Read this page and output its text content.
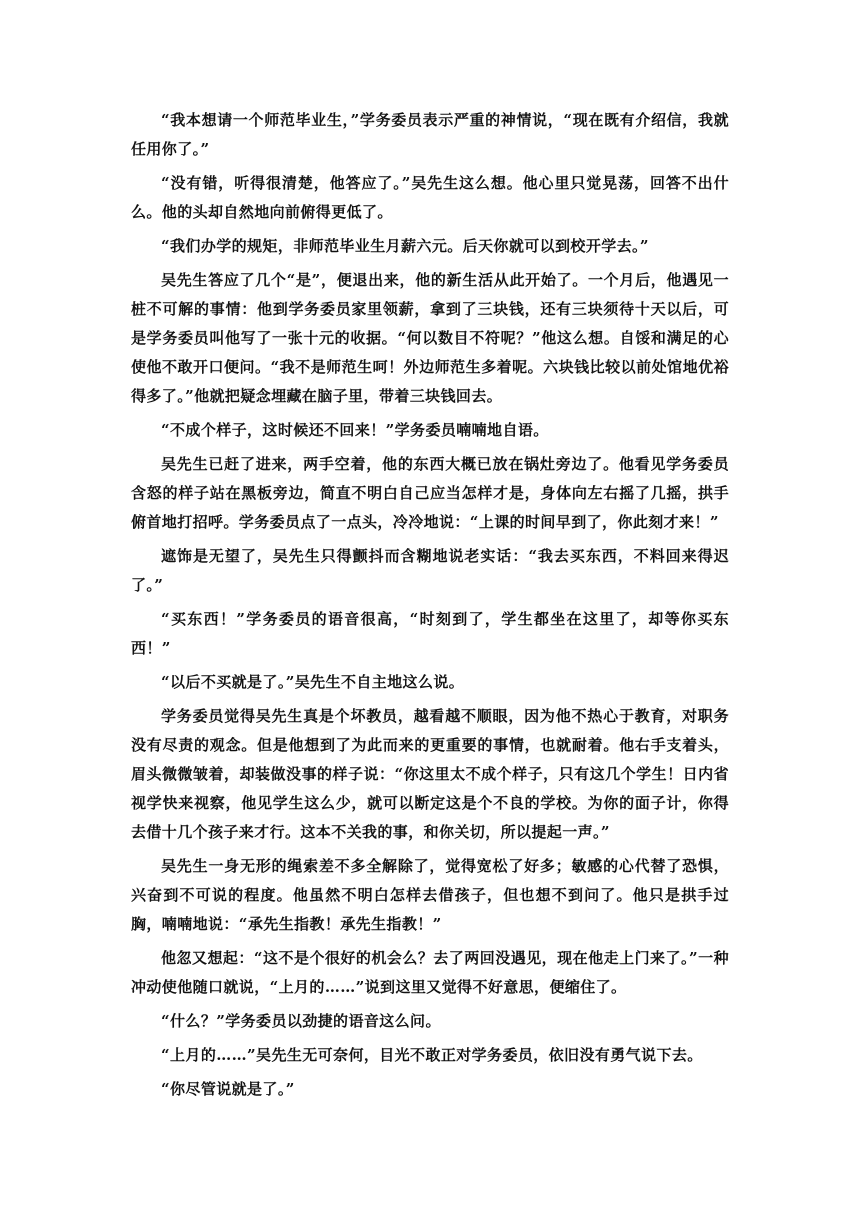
“我本想请一个师范毕业生，”学务委员表示严重的神情说，“现在既有介绍信，我就任用你了。”

“没有错，听得很清楚，他答应了。”吴先生这么想。他心里只觉晃荡，回答不出什么。他的头却自然地向前俯得更低了。

“我们办学的规矩，非师范毕业生月薪六元。后天你就可以到校开学去。”

吴先生答应了几个“是”，便退出来，他的新生活从此开始了。一个月后，他遇见一桩不可解的事情：他到学务委员家里领薪，拿到了三块钱，还有三块须待十天以后，可是学务委员叫他写了一张十元的收据。“何以数目不符呢？”他这么想。自馁和满足的心使他不敢开口便问。“我不是师范生呵！外边师范生多着呢。六块钱比较以前处馆地优裕得多了。”他就把疑念埋藏在脑子里，带着三块钱回去。

“不成个样子，这时候还不回来！”学务委员喃喃地自语。

吴先生已赶了进来，两手空着，他的东西大概已放在锅灶旁边了。他看见学务委员含怒的样子站在黑板旁边，简直不明白自己应当怎样才是，身体向左右摇了几摇，拱手俯首地打招呼。学务委员点了一点头，冷冷地说：“上课的时间早到了，你此刻才来！”

遮饰是无望了，吴先生只得颤抖而含糊地说老实话：“我去买东西，不料回来得迟了。”

“买东西！”学务委员的语音很高，“时刻到了，学生都坐在这里了，却等你买东西！”

“以后不买就是了。”吴先生不自主地这么说。

学务委员觉得吴先生真是个坏教员，越看越不顺眼，因为他不热心于教育，对职务没有尽责的观念。但是他想到了为此而来的更重要的事情，也就耐着。他右手支着头，眉头微微皱着，却装做没事的样子说：“你这里太不成个样子，只有这几个学生！日内省视学快来视察，他见学生这么少，就可以断定这是个不良的学校。为你的面子计，你得去借十几个孩子来才行。这本不关我的事，和你关切，所以提起一声。”

吴先生一身无形的绳索差不多全解除了，觉得宽松了好多；敏感的心代替了恐惧，兴奋到不可说的程度。他虽然不明白怎样去借孩子，但也想不到问了。他只是拱手过胸，喃喃地说：“承先生指教！承先生指教！”

他忽又想起：“这不是个很好的机会么？去了两回没遇见，现在他走上门来了。”一种冲动使他随口就说，“上月的……”说到这里又觉得不好意思，便缩住了。

“什么？”学务委员以劲捷的语音这么问。

“上月的……”吴先生无可奈何，目光不敢正对学务委员，依旧没有勇气说下去。

“你尽管说就是了。”
